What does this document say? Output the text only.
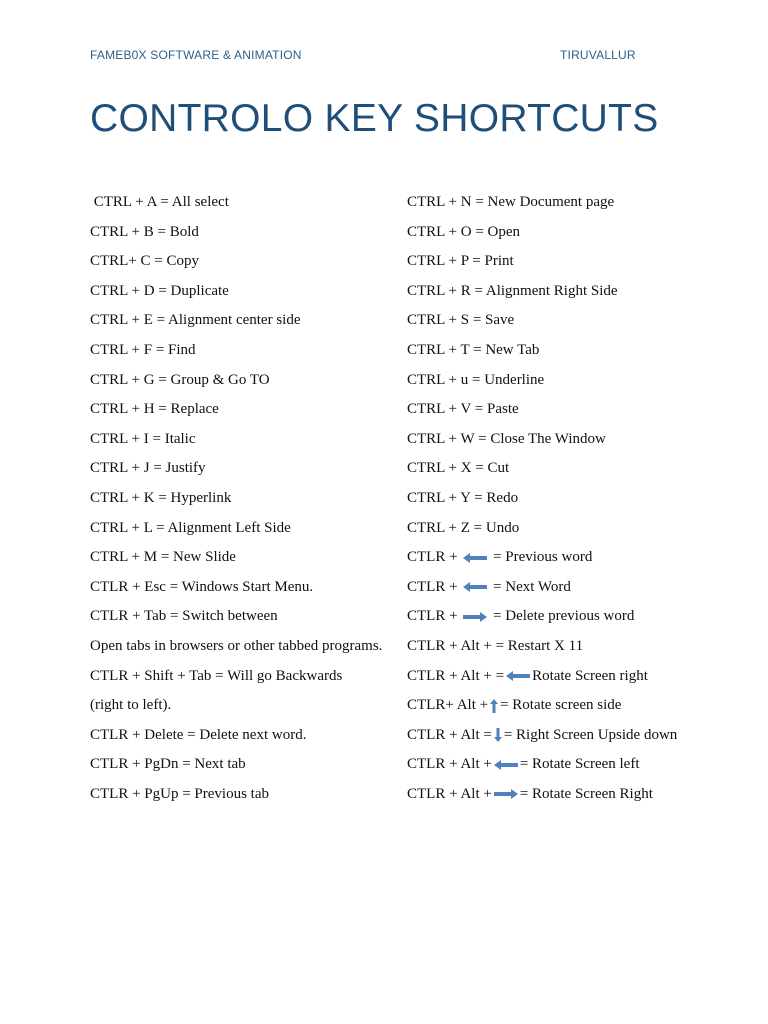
FAMEB0X SOFTWARE & ANIMATION	TIRUVALLUR
CONTROLO KEY SHORTCUTS
CTRL + A = All select
CTRL + B = Bold
CTRL+ C = Copy
CTRL + D = Duplicate
CTRL + E = Alignment center side
CTRL + F = Find
CTRL + G = Group & Go TO
CTRL + H = Replace
CTRL + I = Italic
CTRL + J = Justify
CTRL + K = Hyperlink
CTRL + L = Alignment Left Side
CTRL + M = New Slide
CTLR + Esc = Windows Start Menu.
CTLR + Tab = Switch between
Open tabs in browsers or other tabbed programs.
CTLR + Shift + Tab = Will go Backwards
(right to left).
CTLR + Delete = Delete next word.
CTLR + PgDn = Next tab
CTLR + PgUp = Previous tab
CTRL + N = New Document page
CTRL + O = Open
CTRL + P = Print
CTRL + R = Alignment Right Side
CTRL + S = Save
CTRL + T = New Tab
CTRL + u = Underline
CTRL + V = Paste
CTRL + W = Close The Window
CTRL + X = Cut
CTRL + Y = Redo
CTRL + Z = Undo
CTLR +
= Previous word
CTLR +
= Next Word
CTLR +
= Delete previous word
CTLR + Alt + = Restart X 11
CTLR + Alt + = Rotate Screen right
CTLR+ Alt + = Rotate screen side
CTLR + Alt = = Right Screen Upside down
CTLR + Alt + = Rotate Screen left
CTLR + Alt + = Rotate Screen Right
